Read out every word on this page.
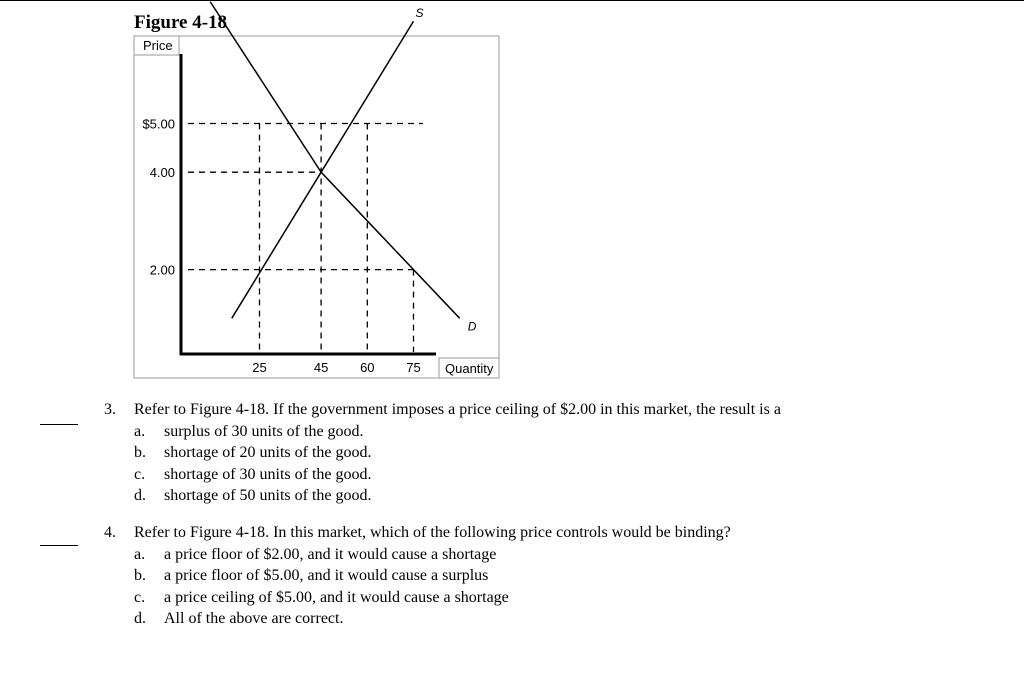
Figure 4-18
Price
Quantity
S
D
25	45 60 75
$5.00
4.00
2.00
3. Refer to Figure 4-18. If the government imposes a price ceiling of $2.00 in this market, the result is a
a. surplus of 30 units of the good.
b. shortage of 20 units of the good.
c. shortage of 30 units of the good.
d. shortage of 50 units of the good.
4. Refer to Figure 4-18. In this market, which of the following price controls would be binding?
a. a price floor of $2.00, and it would cause a shortage
b. a price floor of $5.00, and it would cause a surplus
c. a price ceiling of $5.00, and it would cause a shortage
d. All of the above are correct.
